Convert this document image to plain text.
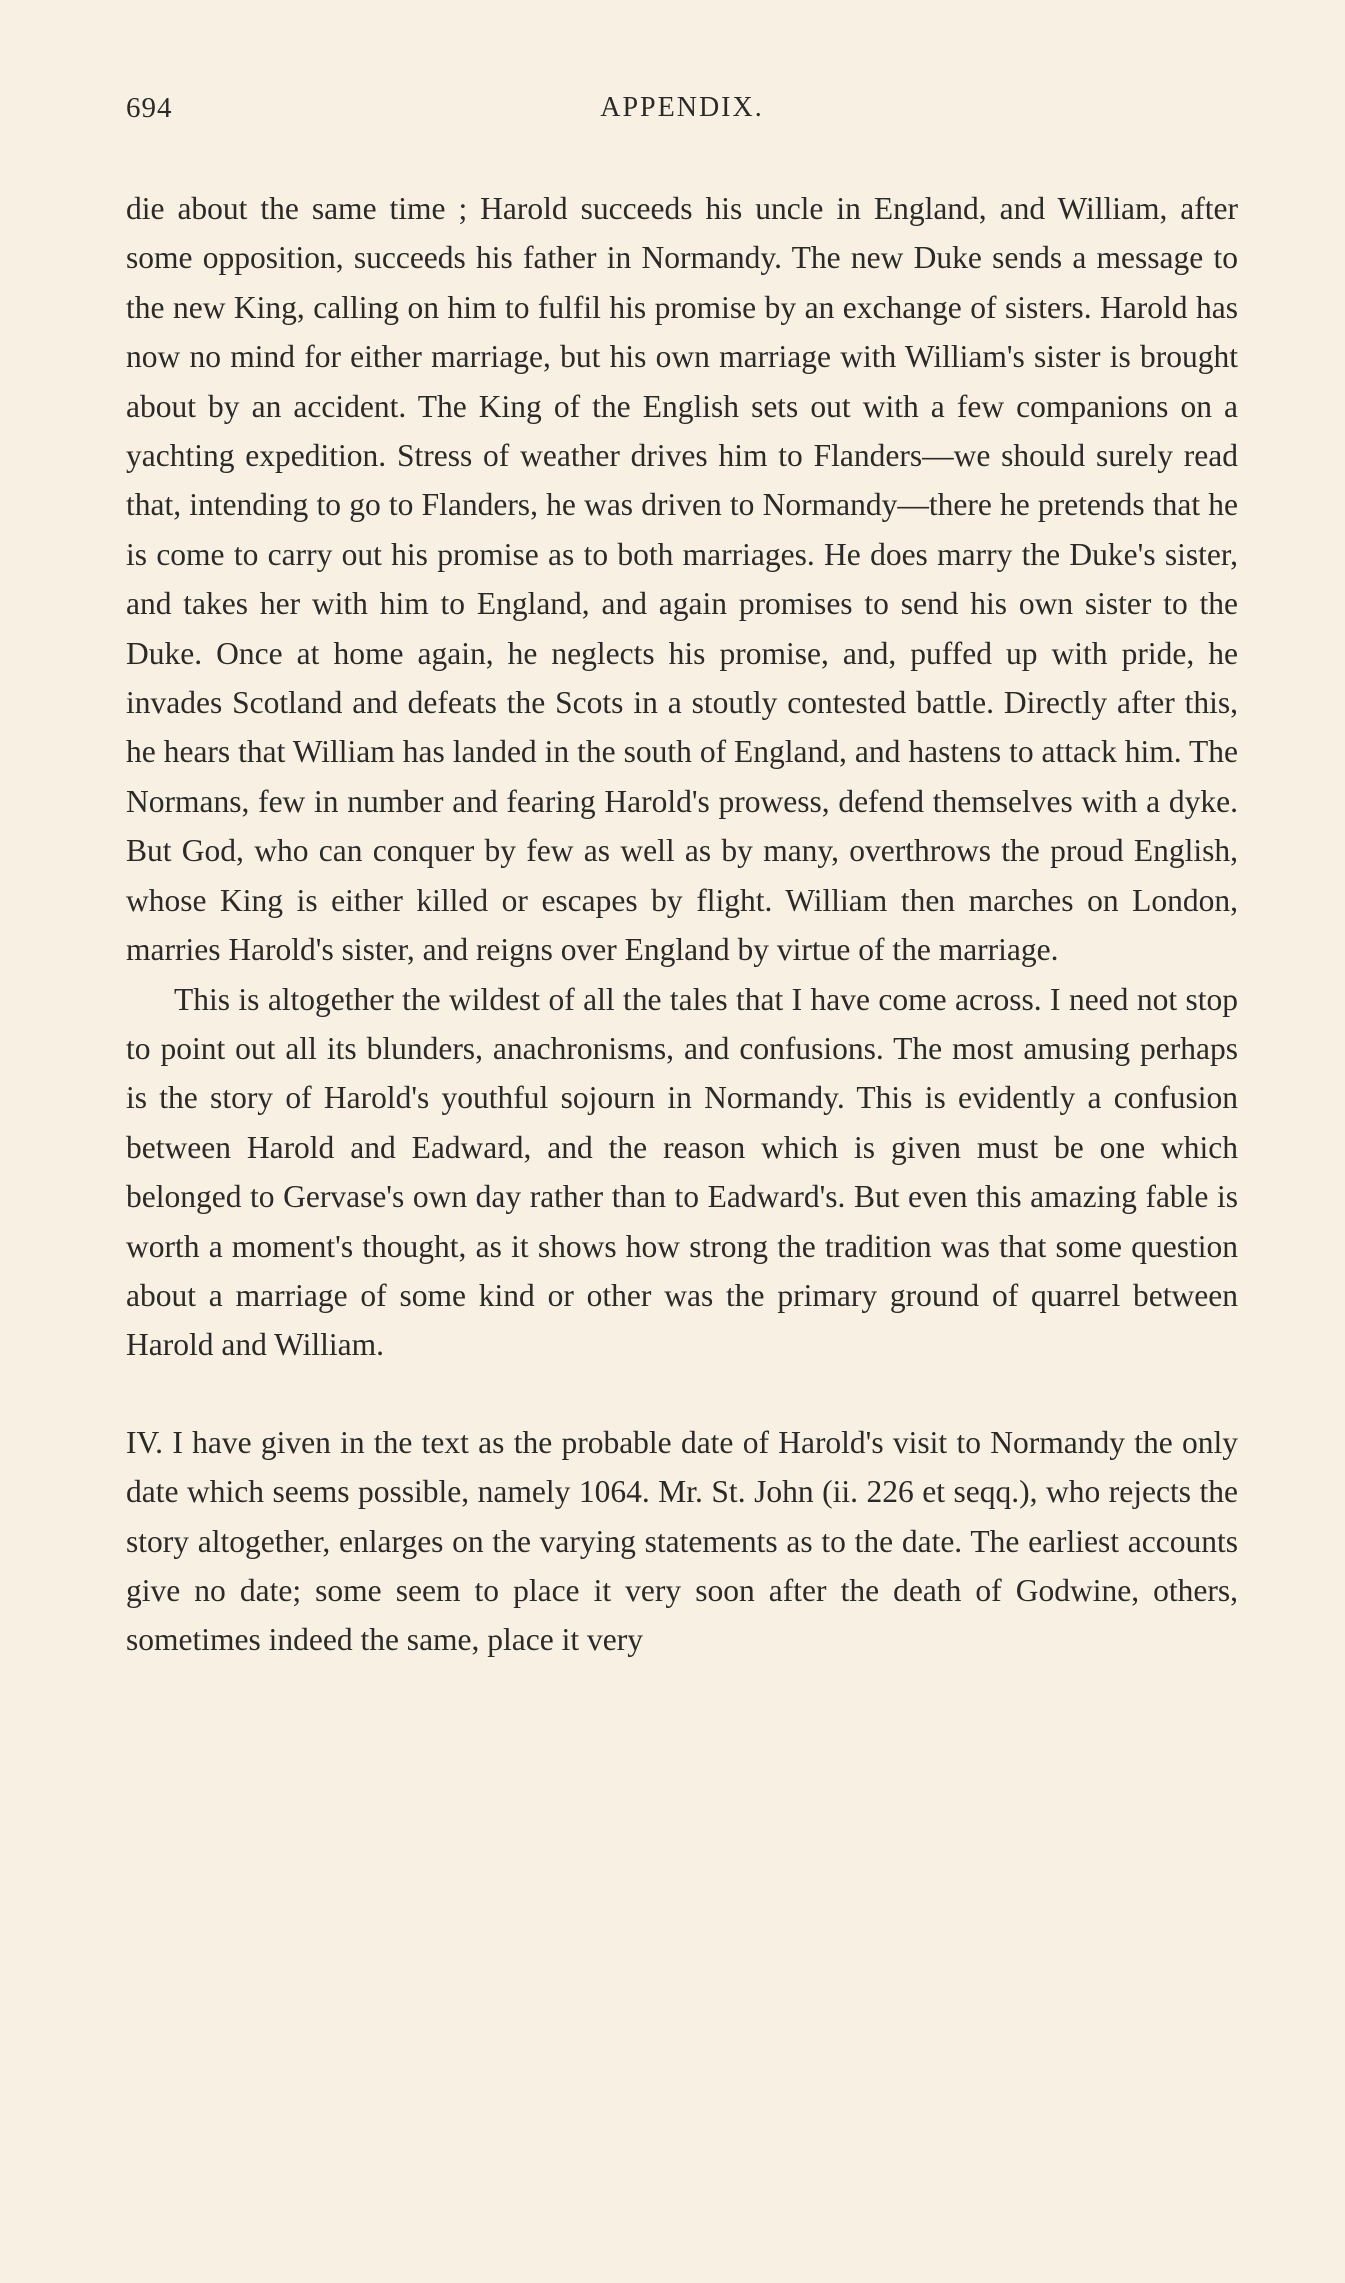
694	APPENDIX.

die about the same time ; Harold succeeds his uncle in England, and William, after some opposition, succeeds his father in Normandy. The new Duke sends a message to the new King, calling on him to fulfil his promise by an exchange of sisters. Harold has now no mind for either marriage, but his own marriage with William's sister is brought about by an accident. The King of the English sets out with a few companions on a yachting expedition. Stress of weather drives him to Flanders—we should surely read that, intending to go to Flanders, he was driven to Normandy—there he pretends that he is come to carry out his promise as to both marriages. He does marry the Duke's sister, and takes her with him to England, and again promises to send his own sister to the Duke. Once at home again, he neglects his promise, and, puffed up with pride, he invades Scotland and defeats the Scots in a stoutly contested battle. Directly after this, he hears that William has landed in the south of England, and hastens to attack him. The Normans, few in number and fearing Harold's prowess, defend themselves with a dyke. But God, who can conquer by few as well as by many, overthrows the proud English, whose King is either killed or escapes by flight. William then marches on London, marries Harold's sister, and reigns over England by virtue of the marriage.

This is altogether the wildest of all the tales that I have come across. I need not stop to point out all its blunders, anachronisms, and confusions. The most amusing perhaps is the story of Harold's youthful sojourn in Normandy. This is evidently a confusion between Harold and Eadward, and the reason which is given must be one which belonged to Gervase's own day rather than to Eadward's. But even this amazing fable is worth a moment's thought, as it shows how strong the tradition was that some question about a marriage of some kind or other was the primary ground of quarrel between Harold and William.

IV. I have given in the text as the probable date of Harold's visit to Normandy the only date which seems possible, namely 1064. Mr. St. John (ii. 226 et seqq.), who rejects the story altogether, enlarges on the varying statements as to the date. The earliest accounts give no date; some seem to place it very soon after the death of Godwine, others, sometimes indeed the same, place it very
